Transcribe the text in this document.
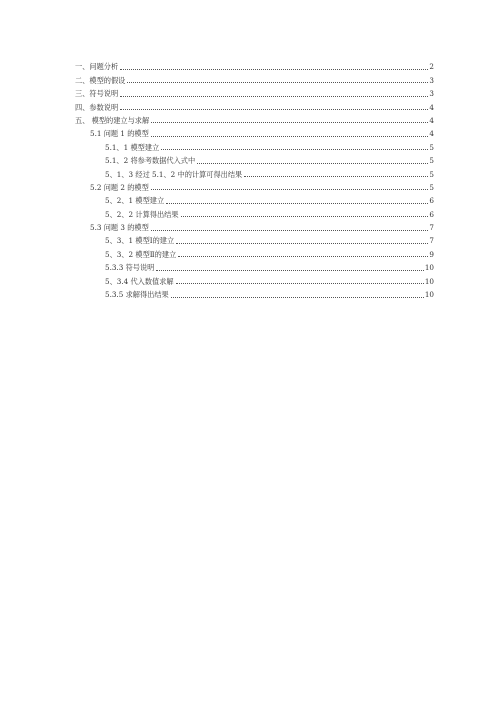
一、问题分析	2
二、模型的假设	3
三、符号说明	3
四、参数说明	4
五、 模型的建立与求解	4
5.1 问题 1 的模型	4
5.1、1 模型建立	5
5.1、2 将参考数据代入式中	5
5、1、3 经过 5.1、2 中的计算可得出结果	5
5.2 问题 2 的模型	5
5、2、1 模型建立	6
5、2、2 计算得出结果	6
5.3 问题 3 的模型	7
5、3、1 模型Ⅰ的建立	7
5、3、2 模型Ⅱ的建立	9
5.3.3 符号说明	10
5、3.4 代入数值求解	10
5.3.5 求解得出结果	10
